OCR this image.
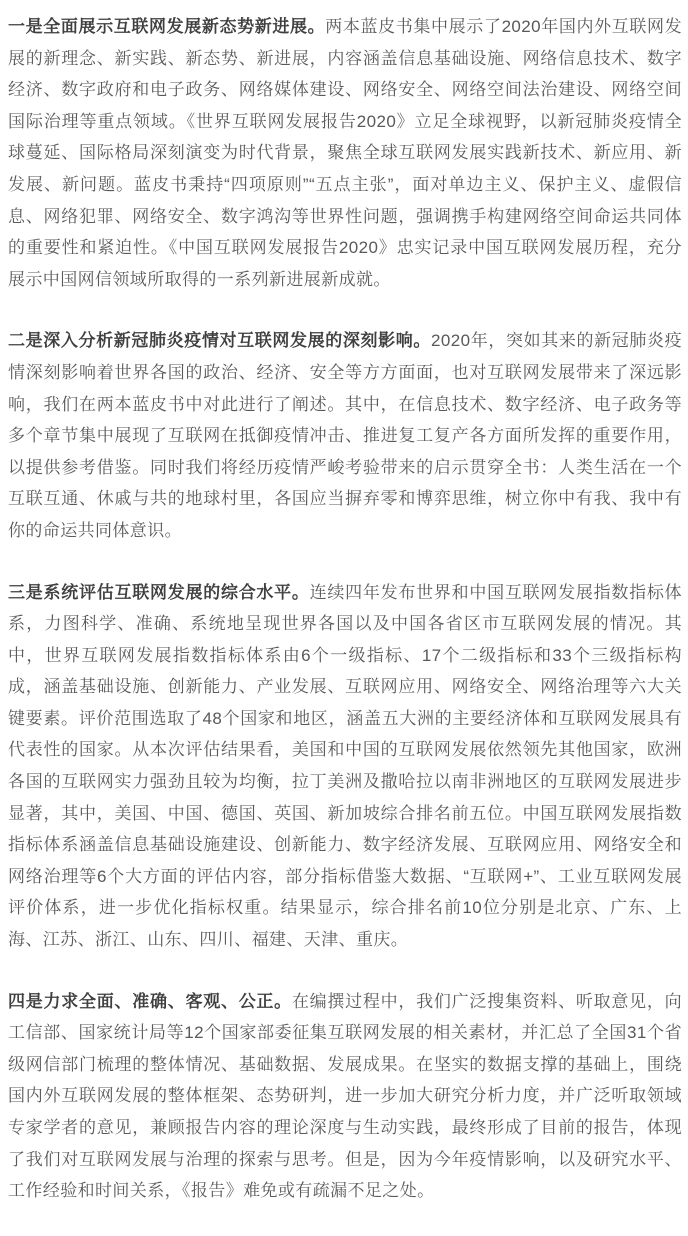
一是全面展示互联网发展新态势新进展。两本蓝皮书集中展示了2020年国内外互联网发展的新理念、新实践、新态势、新进展，内容涵盖信息基础设施、网络信息技术、数字经济、数字政府和电子政务、网络媒体建设、网络安全、网络空间法治建设、网络空间国际治理等重点领域。《世界互联网发展报告2020》立足全球视野，以新冠肺炎疫情全球蔓延、国际格局深刻演变为时代背景，聚焦全球互联网发展实践新技术、新应用、新发展、新问题。蓝皮书秉持“四项原则”“五点主张”，面对单边主义、保护主义、虚假信息、网络犯罪、网络安全、数字鸿沟等世界性问题，强调携手构建网络空间命运共同体的重要性和紧迫性。《中国互联网发展报告2020》忠实记录中国互联网发展历程，充分展示中国网信领域所取得的一系列新进展新成就。

二是深入分析新冠肺炎疫情对互联网发展的深刻影响。2020年，突如其来的新冠肺炎疫情深刻影响着世界各国的政治、经济、安全等方方面面，也对互联网发展带来了深远影响，我们在两本蓝皮书中对此进行了阐述。其中，在信息技术、数字经济、电子政务等多个章节集中展现了互联网在抵御疫情冲击、推进复工复产各方面所发挥的重要作用，以提供参考借鉴。同时我们将经历疫情严峻考验带来的启示贯穿全书：人类生活在一个互联互通、休戚与共的地球村里，各国应当摒弃零和博弈思维，树立你中有我、我中有你的命运共同体意识。

三是系统评估互联网发展的综合水平。连续四年发布世界和中国互联网发展指数指标体系，力图科学、准确、系统地呈现世界各国以及中国各省区市互联网发展的情况。其中，世界互联网发展指数指标体系由6个一级指标、17个二级指标和33个三级指标构成，涵盖基础设施、创新能力、产业发展、互联网应用、网络安全、网络治理等六大关键要素。评价范围选取了48个国家和地区，涵盖五大洲的主要经济体和互联网发展具有代表性的国家。从本次评估结果看，美国和中国的互联网发展依然领先其他国家，欧洲各国的互联网实力强劲且较为均衡，拉丁美洲及撒哈拉以南非洲地区的互联网发展进步显著，其中，美国、中国、德国、英国、新加坡综合排名前五位。中国互联网发展指数指标体系涵盖信息基础设施建设、创新能力、数字经济发展、互联网应用、网络安全和网络治理等6个大方面的评估内容，部分指标借鉴大数据、“互联网+”、工业互联网发展评价体系，进一步优化指标权重。结果显示，综合排名前10位分别是北京、广东、上海、江苏、浙江、山东、四川、福建、天津、重庆。

四是力求全面、准确、客观、公正。在编撰过程中，我们广泛搜集资料、听取意见，向工信部、国家统计局等12个国家部委征集互联网发展的相关素材，并汇总了全国31个省级网信部门梳理的整体情况、基础数据、发展成果。在坚实的数据支撑的基础上，围绕国内外互联网发展的整体框架、态势研判，进一步加大研究分析力度，并广泛听取领域专家学者的意见，兼顾报告内容的理论深度与生动实践，最终形成了目前的报告，体现了我们对互联网发展与治理的探索与思考。但是，因为今年疫情影响，以及研究水平、工作经验和时间关系，《报告》难免或有疏漏不足之处。
